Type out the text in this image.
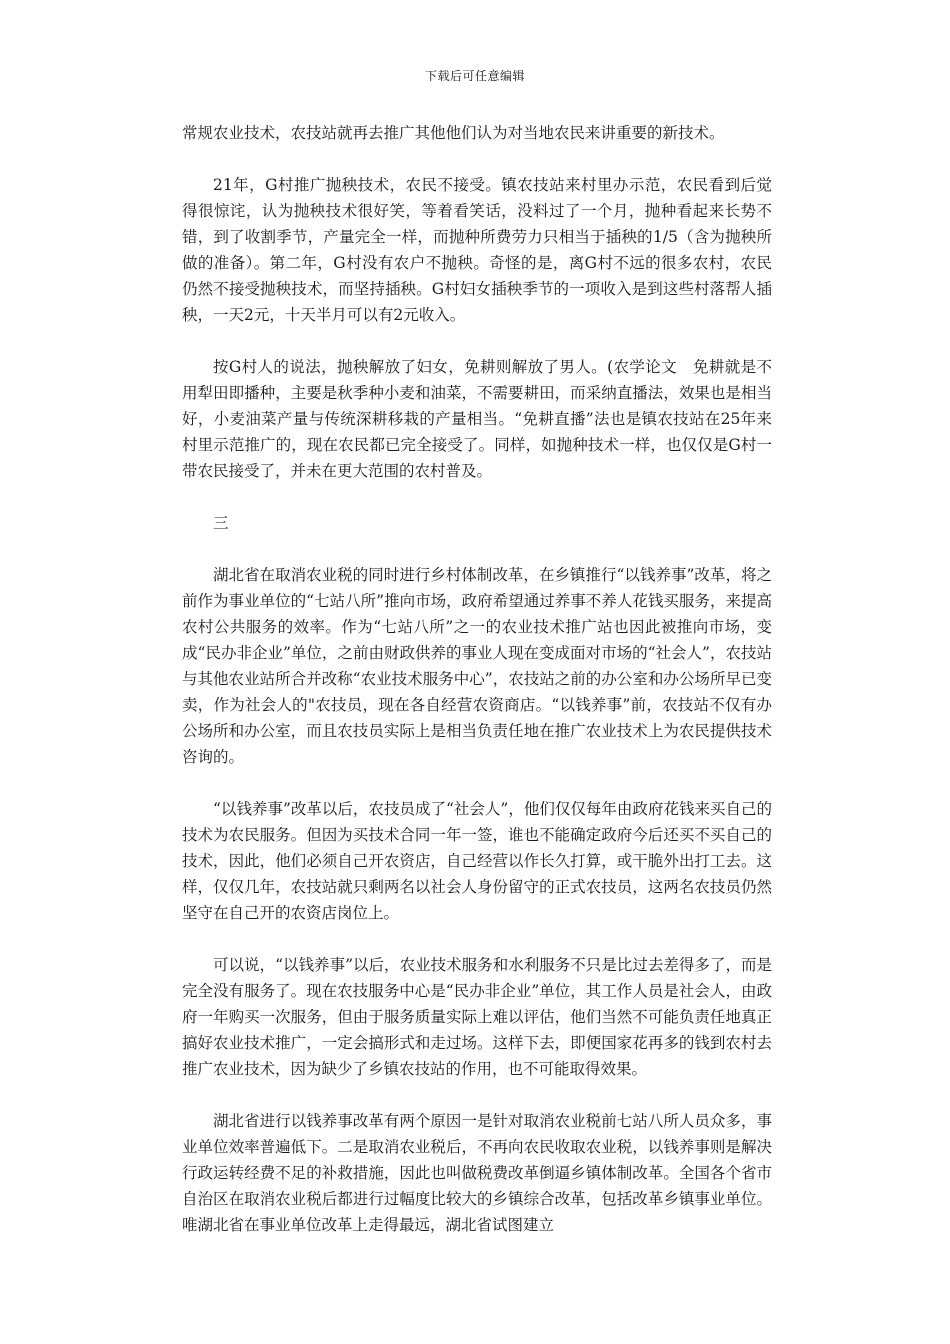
下载后可任意编辑

常规农业技术，农技站就再去推广其他他们认为对当地农民来讲重要的新技术。

21年，G村推广抛秧技术，农民不接受。镇农技站来村里办示范，农民看到后觉得很惊诧，认为抛秧技术很好笑，等着看笑话，没料过了一个月，抛种看起来长势不错，到了收割季节，产量完全一样，而抛种所费劳力只相当于插秧的1/5（含为抛秧所做的准备）。第二年，G村没有农户不抛秧。奇怪的是，离G村不远的很多农村，农民仍然不接受抛秧技术，而坚持插秧。G村妇女插秧季节的一项收入是到这些村落帮人插秧，一天2元，十天半月可以有2元收入。

按G村人的说法，抛秧解放了妇女，免耕则解放了男人。(农学论文　免耕就是不用犁田即播种，主要是秋季种小麦和油菜，不需要耕田，而采纳直播法，效果也是相当好，小麦油菜产量与传统深耕移栽的产量相当。“免耕直播”法也是镇农技站在25年来村里示范推广的，现在农民都已完全接受了。同样，如抛种技术一样，也仅仅是G村一带农民接受了，并未在更大范围的农村普及。

三

湖北省在取消农业税的同时进行乡村体制改革，在乡镇推行“以钱养事”改革，将之前作为事业单位的“七站八所”推向市场，政府希望通过养事不养人花钱买服务，来提高农村公共服务的效率。作为“七站八所”之一的农业技术推广站也因此被推向市场，变成“民办非企业”单位，之前由财政供养的事业人现在变成面对市场的“社会人”，农技站与其他农业站所合并改称“农业技术服务中心”，农技站之前的办公室和办公场所早已变卖，作为社会人的"农技员，现在各自经营农资商店。“以钱养事”前，农技站不仅有办公场所和办公室，而且农技员实际上是相当负责任地在推广农业技术上为农民提供技术咨询的。

“以钱养事”改革以后，农技员成了“社会人”，他们仅仅每年由政府花钱来买自己的技术为农民服务。但因为买技术合同一年一签，谁也不能确定政府今后还买不买自己的技术，因此，他们必须自己开农资店，自己经营以作长久打算，或干脆外出打工去。这样，仅仅几年，农技站就只剩两名以社会人身份留守的正式农技员，这两名农技员仍然坚守在自己开的农资店岗位上。

可以说，“以钱养事”以后，农业技术服务和水利服务不只是比过去差得多了，而是完全没有服务了。现在农技服务中心是“民办非企业”单位，其工作人员是社会人，由政府一年购买一次服务，但由于服务质量实际上难以评估，他们当然不可能负责任地真正搞好农业技术推广，一定会搞形式和走过场。这样下去，即便国家花再多的钱到农村去推广农业技术，因为缺少了乡镇农技站的作用，也不可能取得效果。

湖北省进行以钱养事改革有两个原因一是针对取消农业税前七站八所人员众多，事业单位效率普遍低下。二是取消农业税后，不再向农民收取农业税，以钱养事则是解决行政运转经费不足的补救措施，因此也叫做税费改革倒逼乡镇体制改革。全国各个省市自治区在取消农业税后都进行过幅度比较大的乡镇综合改革，包括改革乡镇事业单位。唯湖北省在事业单位改革上走得最远，湖北省试图建立
